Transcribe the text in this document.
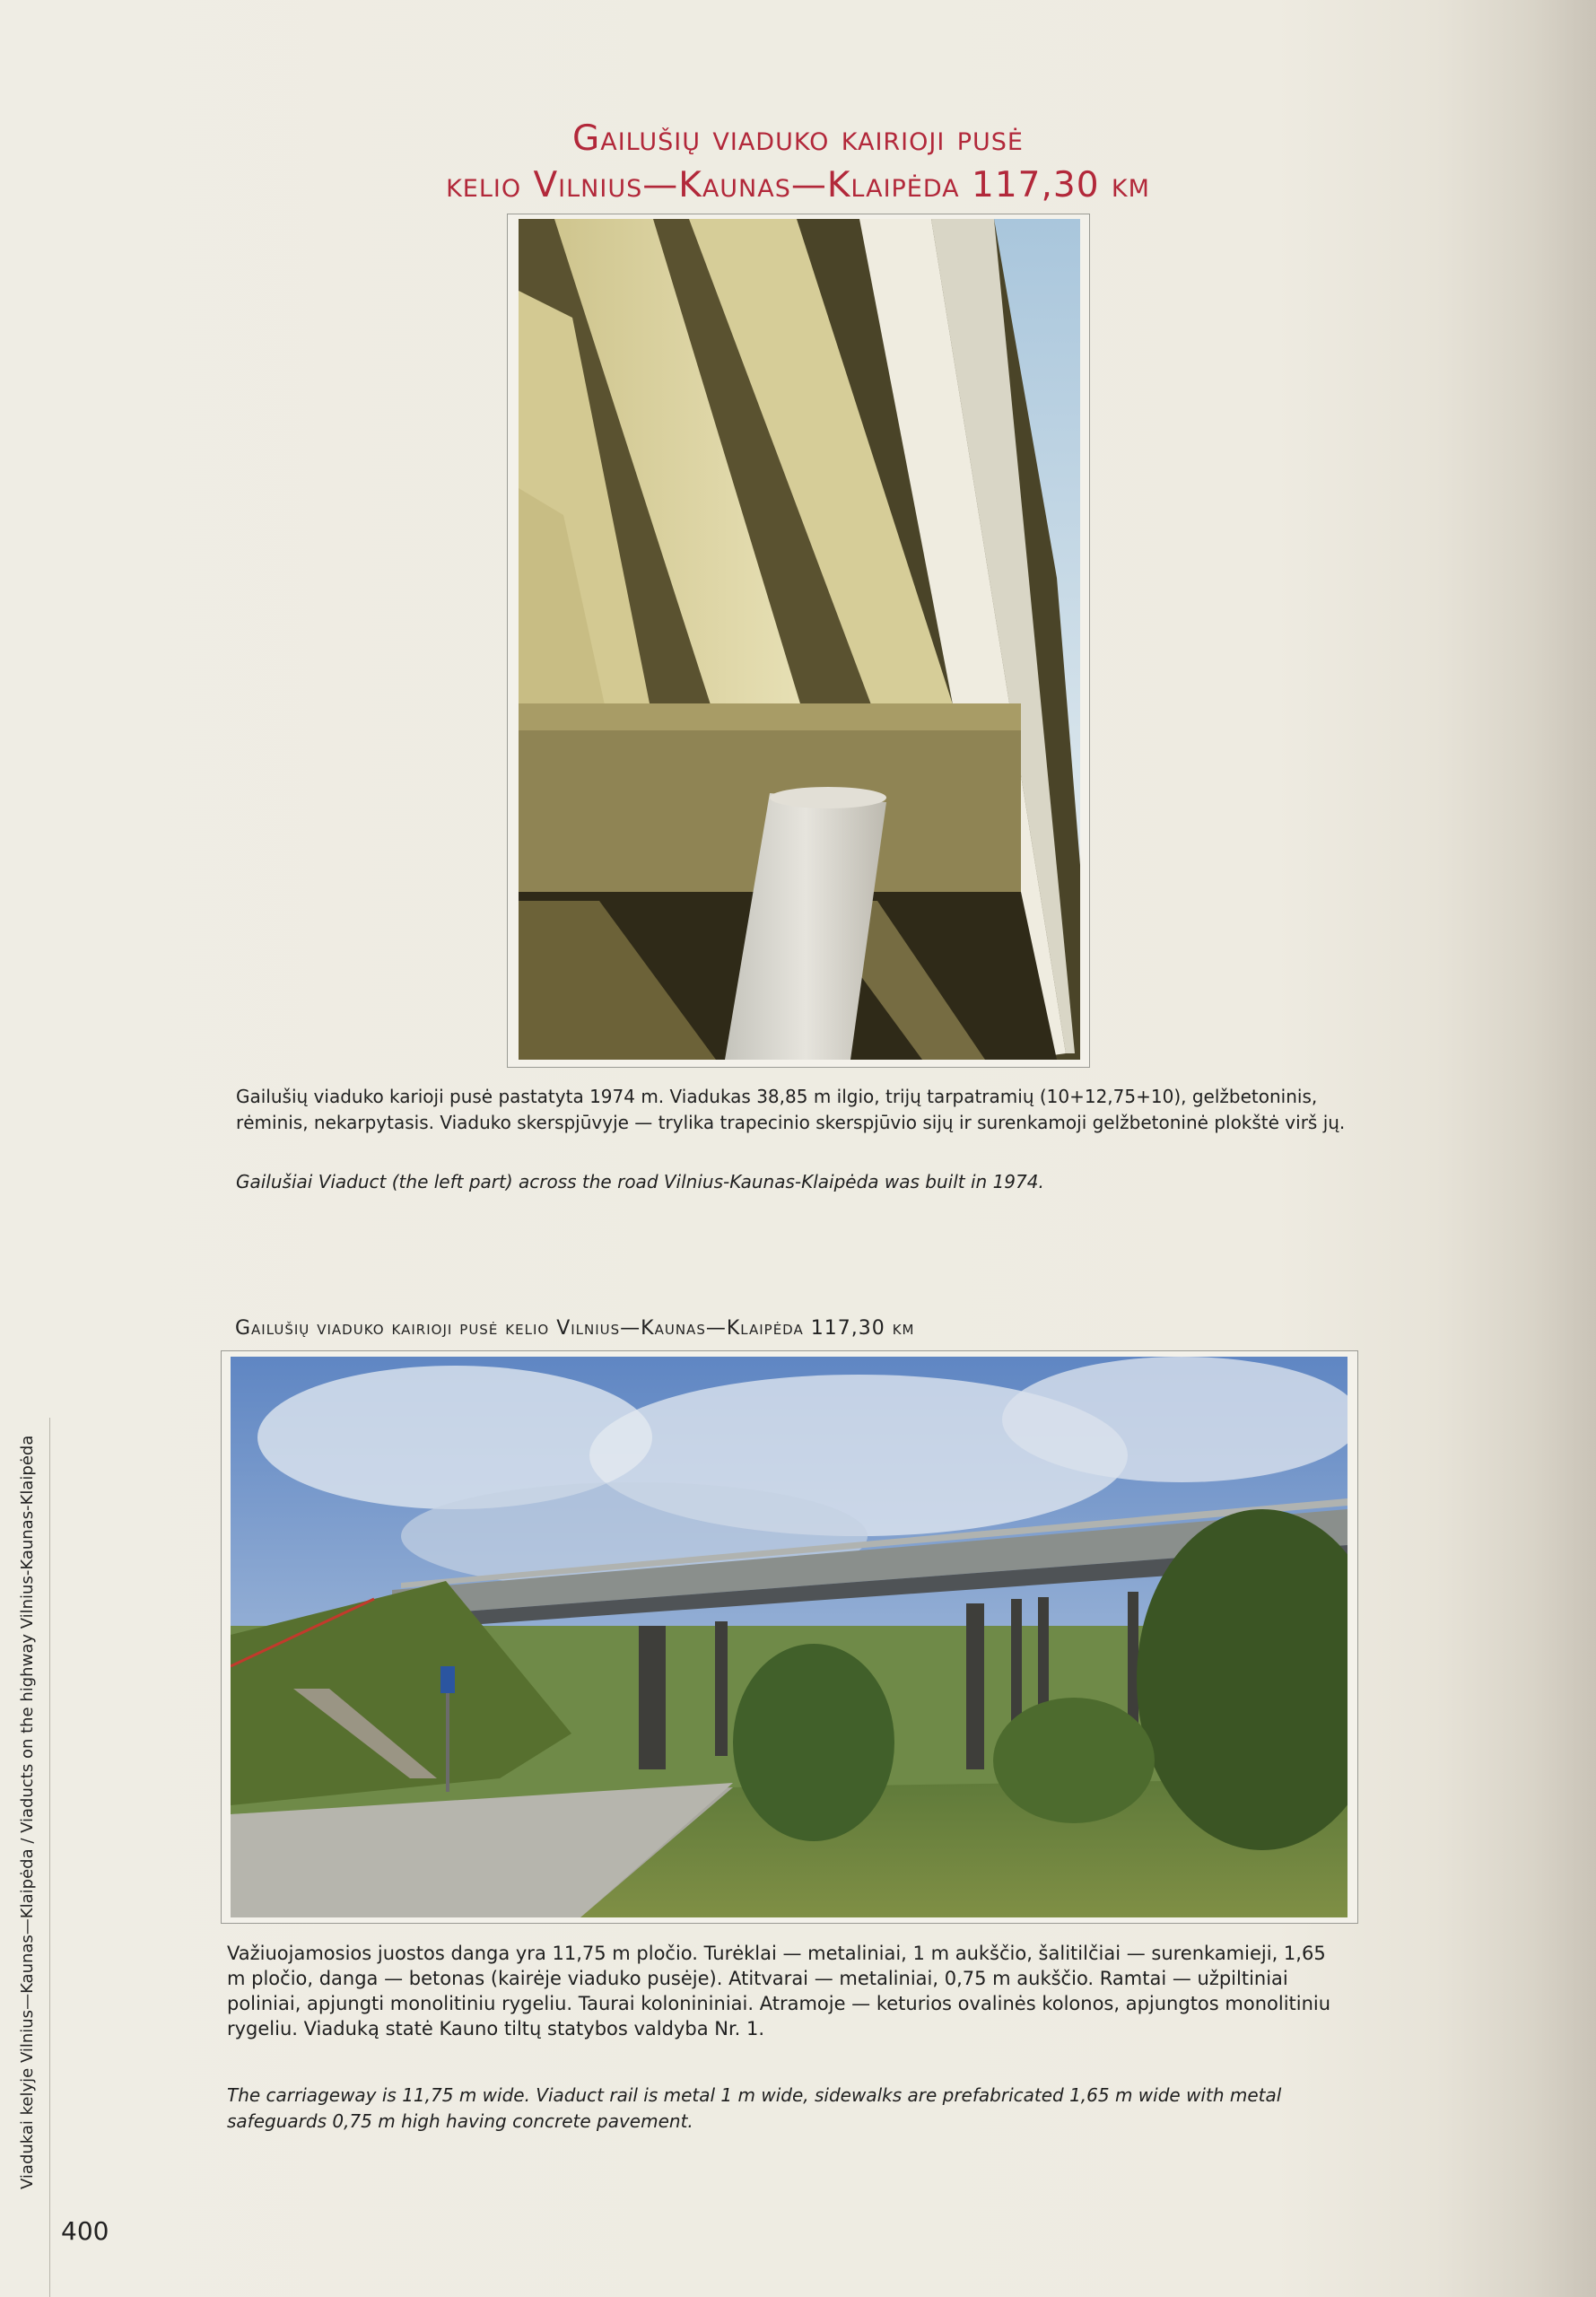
Gailušių viaduko kairioji pusė
kelio Vilnius—Kaunas—Klaipėda 117,30 km
Gailušių viaduko karioji pusė pastatyta 1974 m. Viadukas 38,85 m ilgio, trijų tarpatramių (10+12,75+10), gelžbetoninis, rėminis, nekarpytasis. Viaduko skerspjūvyje — trylika trapecinio skerspjūvio sijų ir surenkamoji gelžbetoninė plokštė virš jų.
Gailušiai Viaduct (the left part) across the road Vilnius-Kaunas-Klaipėda was built in 1974.
Gailušių viaduko kairioji pusė kelio Vilnius—Kaunas—Klaipėda 117,30 km
Važiuojamosios juostos danga yra 11,75 m pločio. Turėklai — metaliniai, 1 m aukščio, šalitilčiai — surenkamieji, 1,65 m pločio, danga — betonas (kairėje viaduko pusėje). Atitvarai — metaliniai, 0,75 m aukščio. Ramtai — užpiltiniai poliniai, apjungti monolitiniu rygeliu. Taurai kolonininiai. Atramoje — keturios ovalinės kolonos, apjungtos monolitiniu rygeliu. Viaduką statė Kauno tiltų statybos valdyba Nr. 1.
The carriageway is 11,75 m wide. Viaduct rail is metal 1 m wide, sidewalks are prefabricated 1,65 m wide with metal safeguards 0,75 m high having concrete pavement.
Viadukai kelyje Vilnius—Kaunas—Klaipėda / Viaducts on the highway Vilnius-Kaunas-Klaipėda
400
